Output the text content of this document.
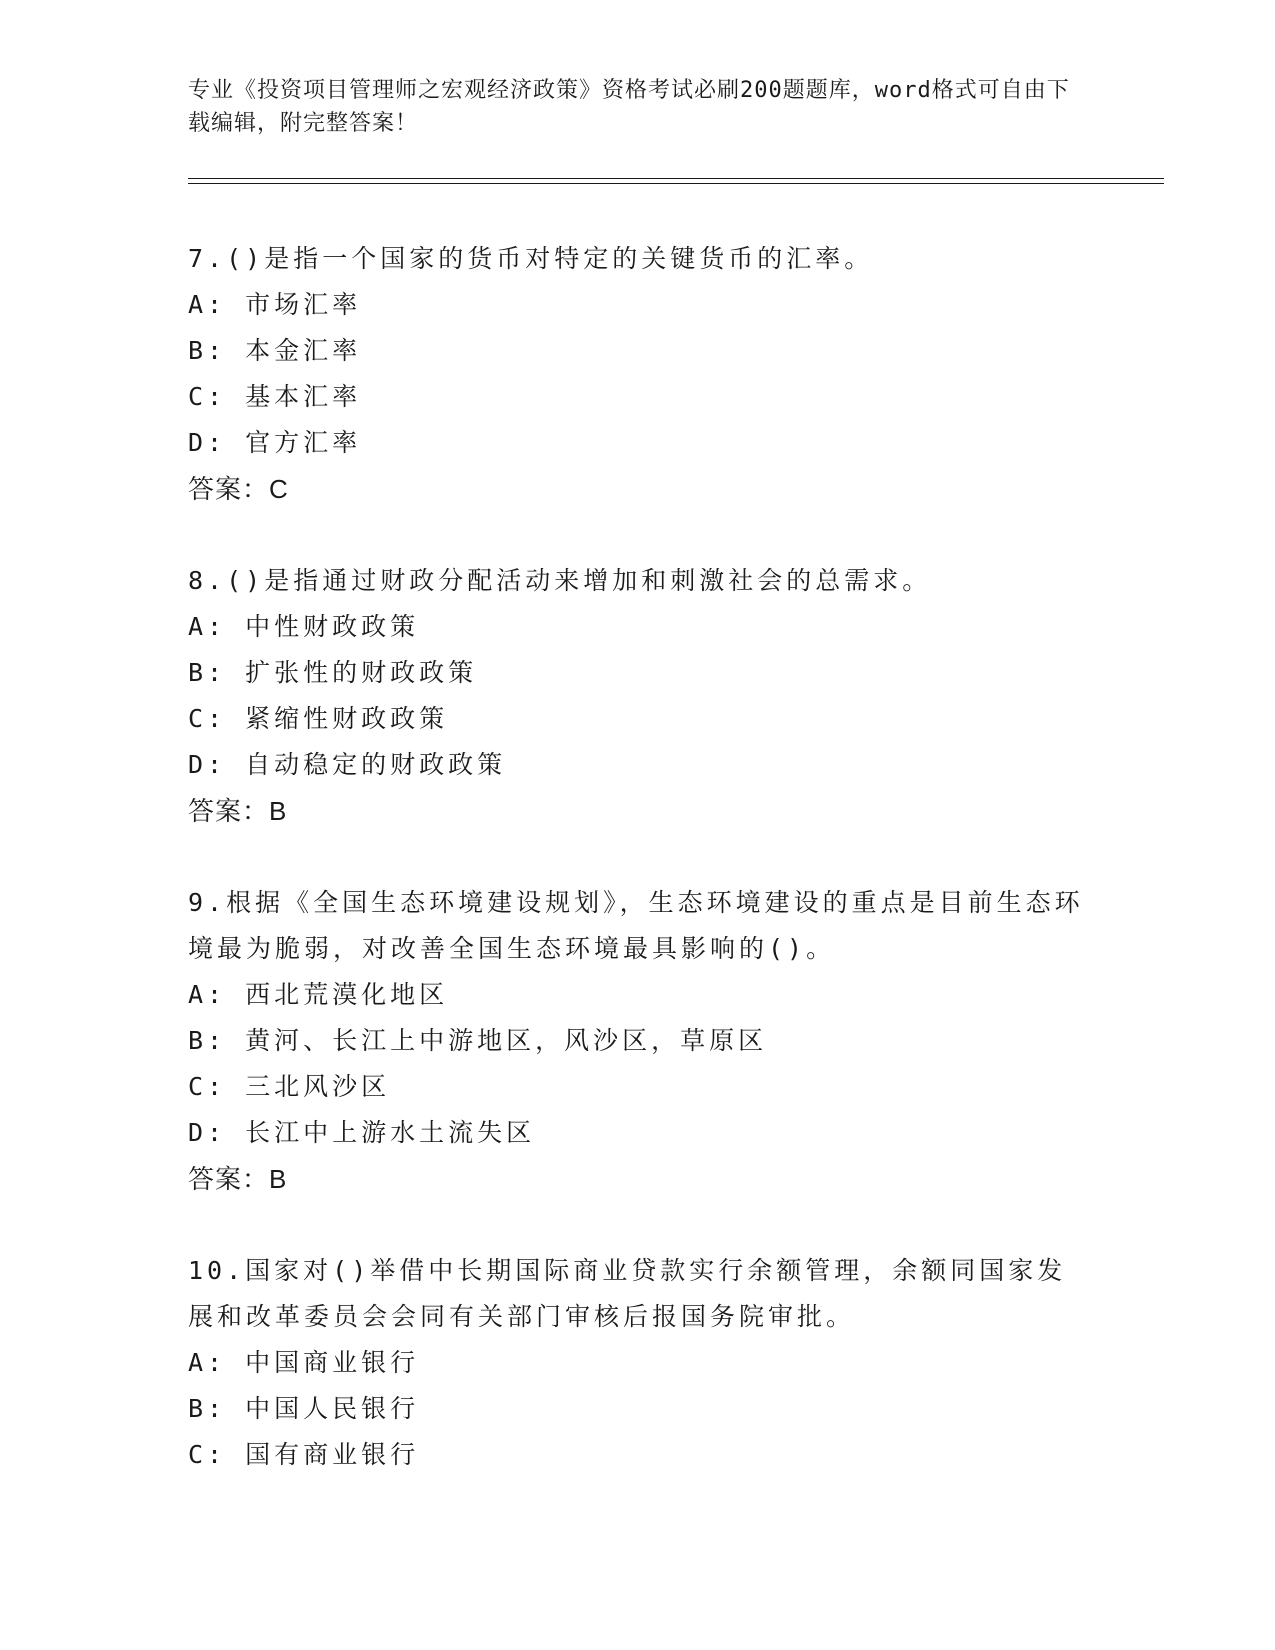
专业《投资项目管理师之宏观经济政策》资格考试必刷200题题库，word格式可自由下载编辑，附完整答案！
7.()是指一个国家的货币对特定的关键货币的汇率。
A: 市场汇率
B: 本金汇率
C: 基本汇率
D: 官方汇率
答案：C
8.()是指通过财政分配活动来增加和刺激社会的总需求。
A: 中性财政政策
B: 扩张性的财政政策
C: 紧缩性财政政策
D: 自动稳定的财政政策
答案：B
9.根据《全国生态环境建设规划》，生态环境建设的重点是目前生态环境最为脆弱，对改善全国生态环境最具影响的()。
A: 西北荒漠化地区
B: 黄河、长江上中游地区，风沙区，草原区
C: 三北风沙区
D: 长江中上游水土流失区
答案：B
10.国家对()举借中长期国际商业贷款实行余额管理，余额同国家发展和改革委员会会同有关部门审核后报国务院审批。
A: 中国商业银行
B: 中国人民银行
C: 国有商业银行
